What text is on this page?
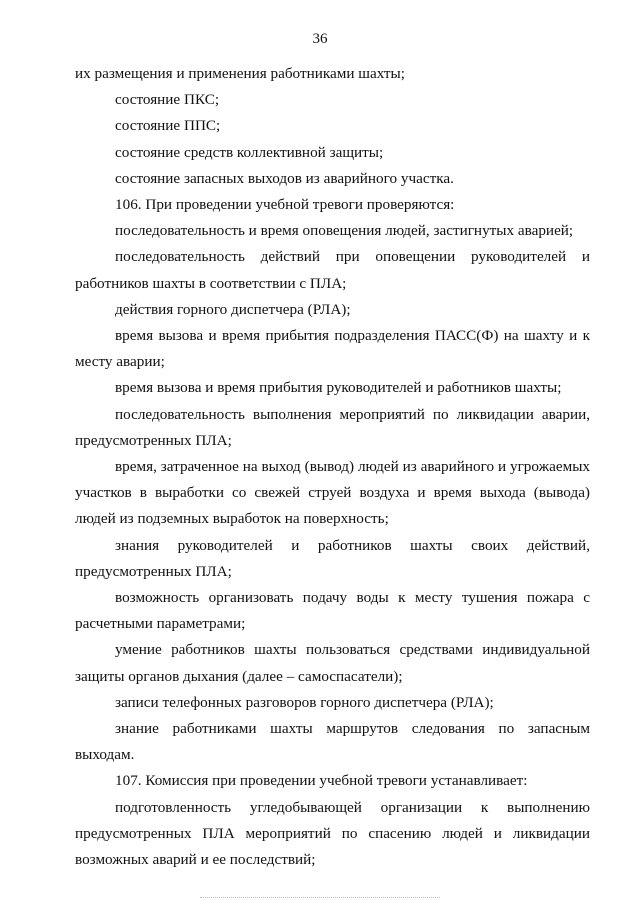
36

их размещения и применения работниками шахты;

состояние ПКС;

состояние ППС;

состояние средств коллективной защиты;

состояние запасных выходов из аварийного участка.

106. При проведении учебной тревоги проверяются:

последовательность и время оповещения людей, застигнутых аварией;

последовательность действий при оповещении руководителей и работников шахты в соответствии с ПЛА;

действия горного диспетчера (РЛА);

время вызова и время прибытия подразделения ПАСС(Ф) на шахту и к месту аварии;

время вызова и время прибытия руководителей и работников шахты;

последовательность выполнения мероприятий по ликвидации аварии, предусмотренных ПЛА;

время, затраченное на выход (вывод) людей из аварийного и угрожаемых участков в выработки со свежей струей воздуха и время выхода (вывода) людей из подземных выработок на поверхность;

знания руководителей и работников шахты своих действий, предусмотренных ПЛА;

возможность организовать подачу воды к месту тушения пожара с расчетными параметрами;

умение работников шахты пользоваться средствами индивидуальной защиты органов дыхания (далее – самоспасатели);

записи телефонных разговоров горного диспетчера (РЛА);

знание работниками шахты маршрутов следования по запасным выходам.

107. Комиссия при проведении учебной тревоги устанавливает:

подготовленность угледобывающей организации к выполнению предусмотренных ПЛА мероприятий по спасению людей и ликвидации возможных аварий и ее последствий;
